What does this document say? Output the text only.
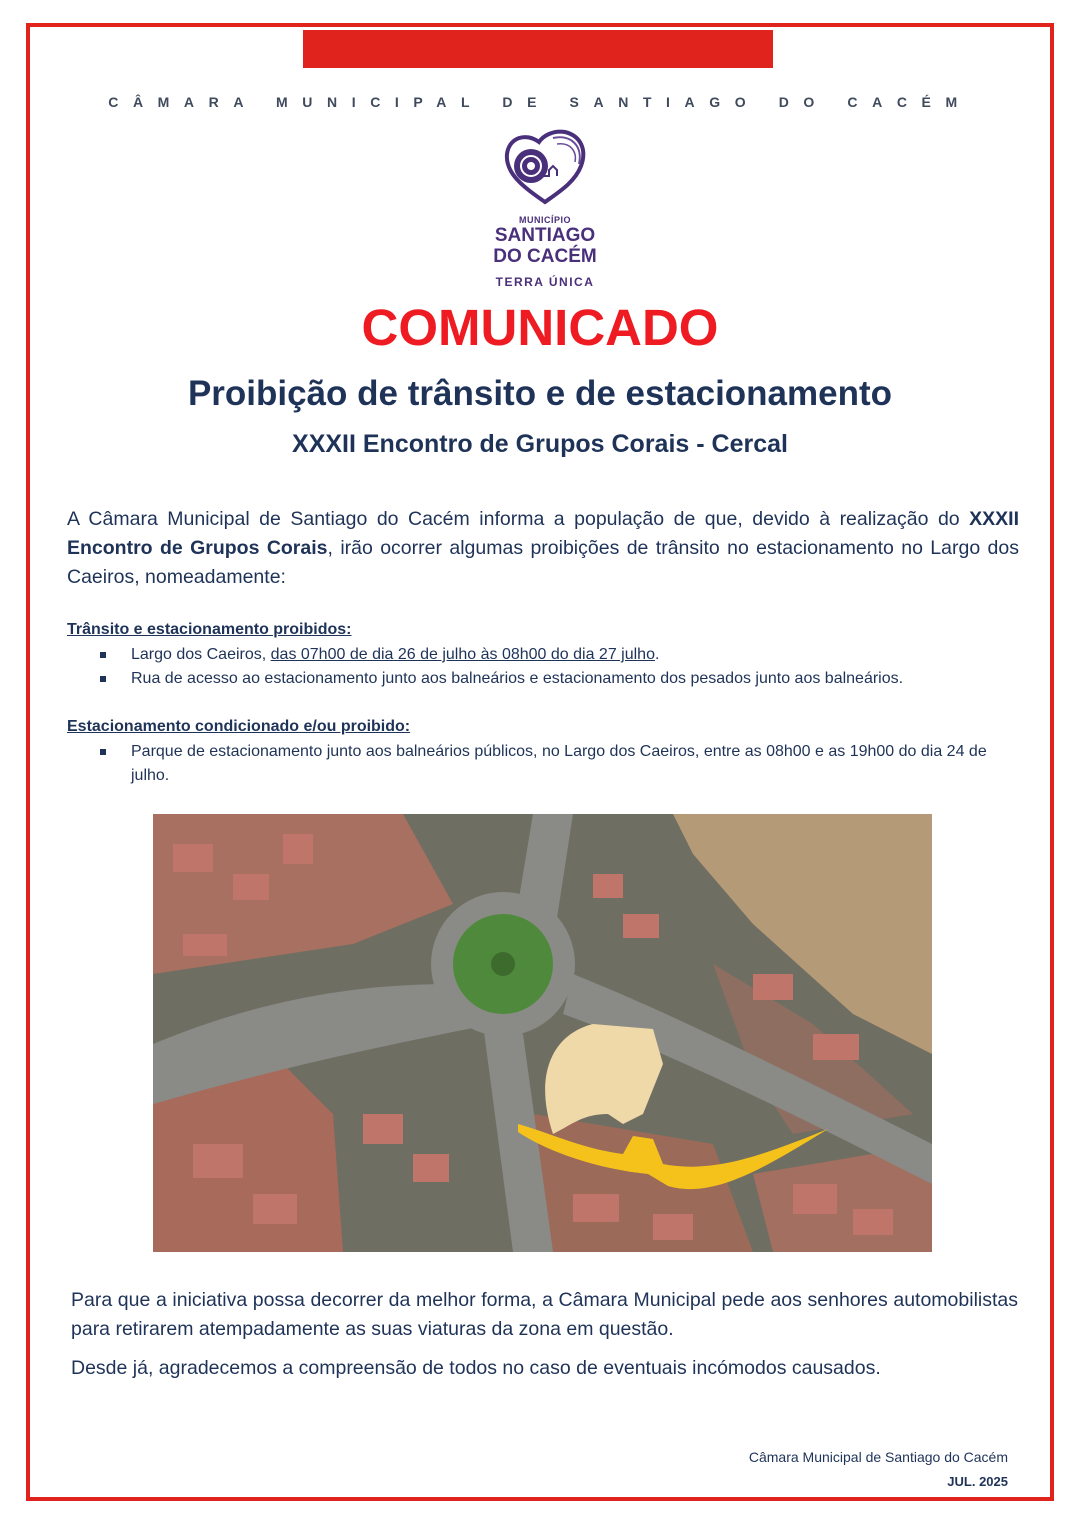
CÂMARA MUNICIPAL DE SANTIAGO DO CACÉM
MUNICÍPIO
SANTIAGO
DO CACÉM
TERRA ÚNICA
COMUNICADO
Proibição de trânsito e de estacionamento
XXXII Encontro de Grupos Corais - Cercal
A Câmara Municipal de Santiago do Cacém informa a população de que, devido à realização do XXXII Encontro de Grupos Corais, irão ocorrer algumas proibições de trânsito no estacionamento no Largo dos Caeiros, nomeadamente:
Trânsito e estacionamento proibidos:
Largo dos Caeiros, das 07h00 de dia 26 de julho às 08h00 do dia 27 julho.
Rua de acesso ao estacionamento junto aos balneários e estacionamento dos pesados junto aos balneários.
Estacionamento condicionado e/ou proibido:
Parque de estacionamento junto aos balneários públicos, no Largo dos Caeiros, entre as 08h00 e as 19h00 do dia 24 de julho.

Para que a iniciativa possa decorrer da melhor forma, a Câmara Municipal pede aos senhores automobilistas para retirarem atempadamente as suas viaturas da zona em questão.

Desde já, agradecemos a compreensão de todos no caso de eventuais incómodos causados.

Câmara Municipal de Santiago do Cacém
JUL. 2025
